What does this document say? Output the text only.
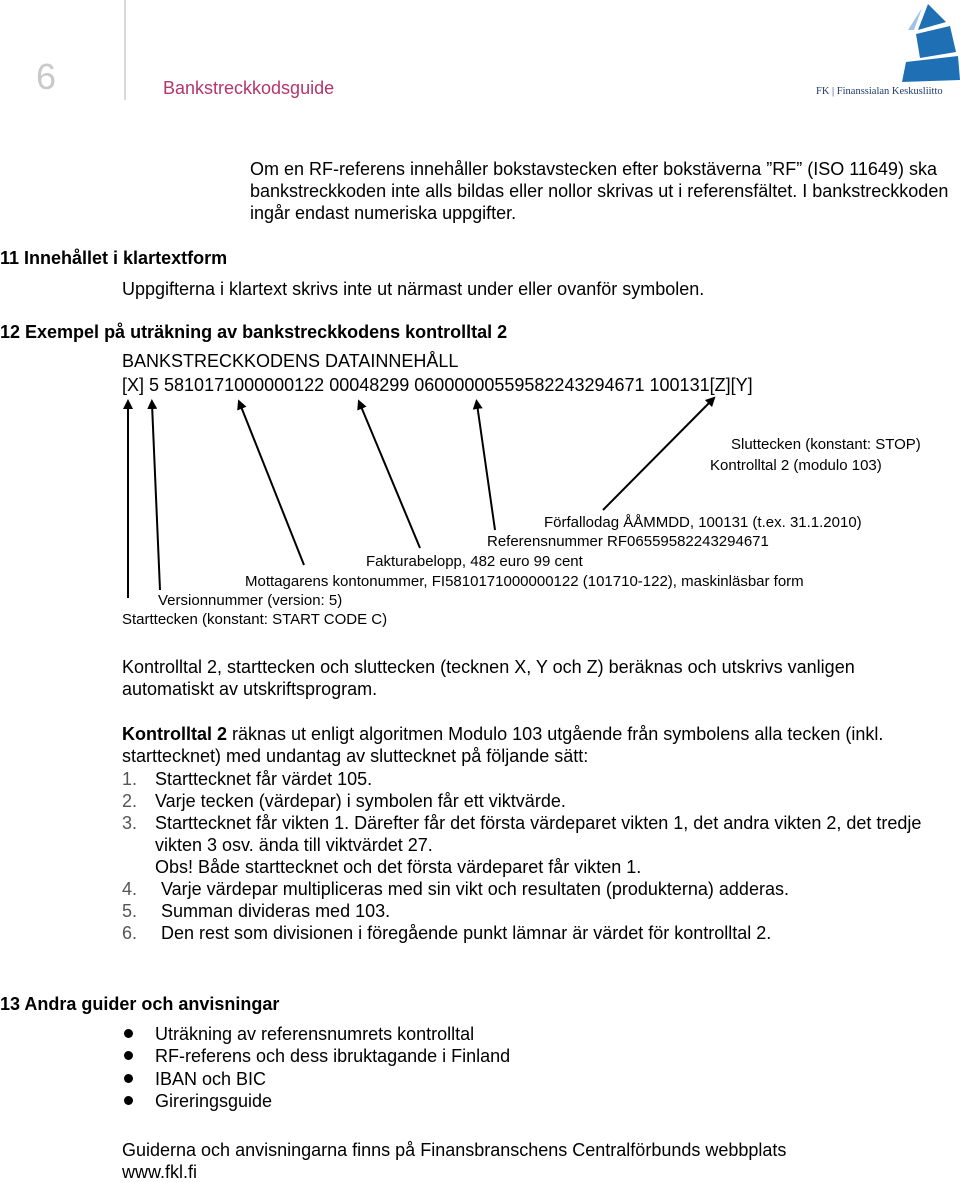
6	Bankstreckkodsguide	FK | Finanssialan Keskusliitto
Om en RF-referens innehåller bokstavstecken efter bokstäverna ”RF” (ISO 11649) ska bankstreckkoden inte alls bildas eller nollor skrivas ut i referensfältet. I bankstreckkoden ingår endast numeriska uppgifter.
11 Innehållet i klartextform
Uppgifterna i klartext skrivs inte ut närmast under eller ovanför symbolen.
12 Exempel på uträkning av bankstreckkodens kontrolltal 2
BANKSTRECKKODENS DATAINNEHÅLL
[X] 5 5810171000000122 00048299 06000000559582243294671 100131[Z][Y]
Sluttecken (konstant: STOP)
Kontrolltal 2 (modulo 103)
Förfallodag ÅÅMMDD, 100131 (t.ex. 31.1.2010)
Referensnummer RF06559582243294671
Fakturabelopp, 482 euro 99 cent
Mottagarens kontonummer, FI5810171000000122 (101710-122), maskinläsbar form
Versionnummer (version: 5)
Starttecken (konstant: START CODE C)
Kontrolltal 2, starttecken och sluttecken (tecknen X, Y och Z) beräknas och utskrivs vanligen automatiskt av utskriftsprogram.
Kontrolltal 2 räknas ut enligt algoritmen Modulo 103 utgående från symbolens alla tecken (inkl. starttecknet) med undantag av sluttecknet på följande sätt:
1. Starttecknet får värdet 105.
2. Varje tecken (värdepar) i symbolen får ett viktvärde.
3. Starttecknet får vikten 1. Därefter får det första värdeparet vikten 1, det andra vikten 2, det tredje vikten 3 osv. ända till viktvärdet 27.
Obs! Både starttecknet och det första värdeparet får vikten 1.
4. Varje värdepar multipliceras med sin vikt och resultaten (produkterna) adderas.
5. Summan divideras med 103.
6. Den rest som divisionen i föregående punkt lämnar är värdet för kontrolltal 2.
13 Andra guider och anvisningar
Uträkning av referensnumrets kontrolltal
RF-referens och dess ibruktagande i Finland
IBAN och BIC
Gireringsguide
Guiderna och anvisningarna finns på Finansbranschens Centralförbunds webbplats
www.fkl.fi
